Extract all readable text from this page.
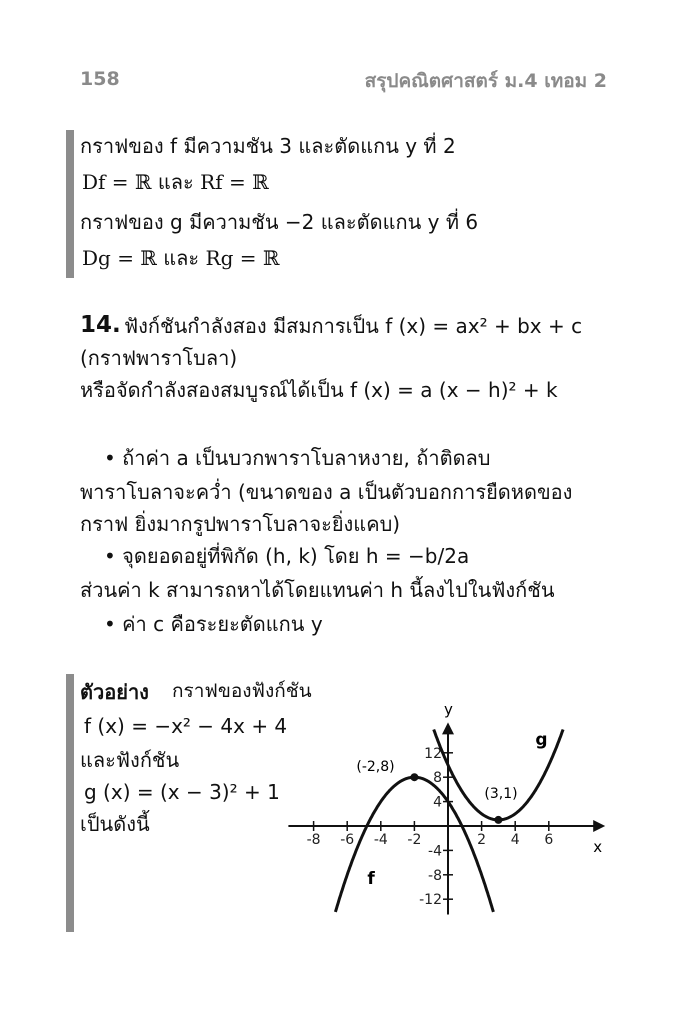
158	สรุปคณิตศาสตร์ ม.4 เทอม 2
กราฟของ f มีความชัน 3 และตัดแกน y ที่ 2
Df = ℝ และ Rf = ℝ
กราฟของ g มีความชัน −2 และตัดแกน y ที่ 6
Dg = ℝ และ Rg = ℝ
14. ฟังก์ชันกำลังสอง มีสมการเป็น f (x) = ax² + bx + c
(กราฟพาราโบลา)
หรือจัดกำลังสองสมบูรณ์ได้เป็น f (x) = a (x − h)² + k
• ถ้าค่า a เป็นบวกพาราโบลาหงาย, ถ้าติดลบ
พาราโบลาจะคว่ำ (ขนาดของ a เป็นตัวบอกการยืดหดของ
กราฟ ยิ่งมากรูปพาราโบลาจะยิ่งแคบ)
• จุดยอดอยู่ที่พิกัด (h, k) โดย h = −b/2a
ส่วนค่า k สามารถหาได้โดยแทนค่า h นี้ลงไปในฟังก์ชัน
• ค่า c คือระยะตัดแกน y
ตัวอย่าง กราฟของฟังก์ชัน
f (x) = −x² − 4x + 4
และฟังก์ชัน
g (x) = (x − 3)² + 1
เป็นดังนี้
x
y
-8 -6 -4 -2	2 4 6
-12
-8
-4
4
8
12
f
g
(-2,8)
(3,1)
